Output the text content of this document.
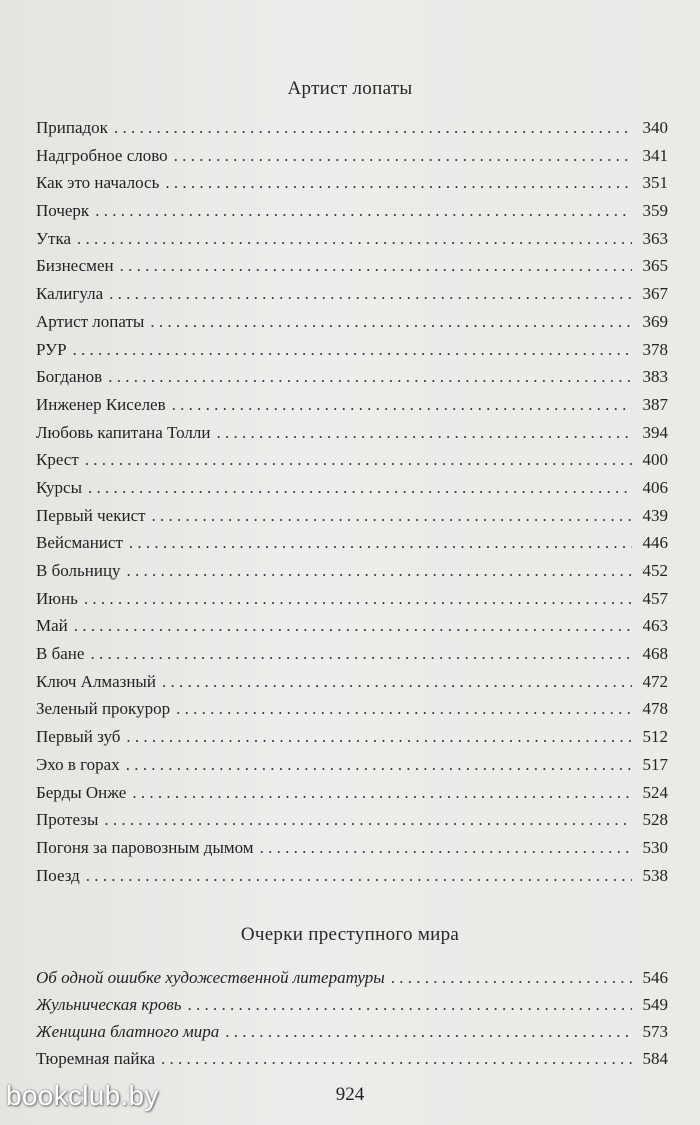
Артист лопаты
Припадок . . .	340
Надгробное слово . . .	341
Как это началось . . .	351
Почерк . . .	359
Утка . . .	363
Бизнесмен . . .	365
Калигула . . .	367
Артист лопаты . . .	369
РУР . . .	378
Богданов . . .	383
Инженер Киселев . . .	387
Любовь капитана Толли . . .	394
Крест . . .	400
Курсы . . .	406
Первый чекист . . .	439
Вейсманист . . .	446
В больницу . . .	452
Июнь . . .	457
Май . . .	463
В бане . . .	468
Ключ Алмазный . . .	472
Зеленый прокурор . . .	478
Первый зуб . . .	512
Эхо в горах . . .	517
Берды Онже . . .	524
Протезы . . .	528
Погоня за паровозным дымом . . .	530
Поезд . . .	538
Очерки преступного мира
Об одной ошибке художественной литературы . . .	546
Жульническая кровь . . .	549
Женщина блатного мира . . .	573
Тюремная пайка . . .	584
924
bookclub.by
